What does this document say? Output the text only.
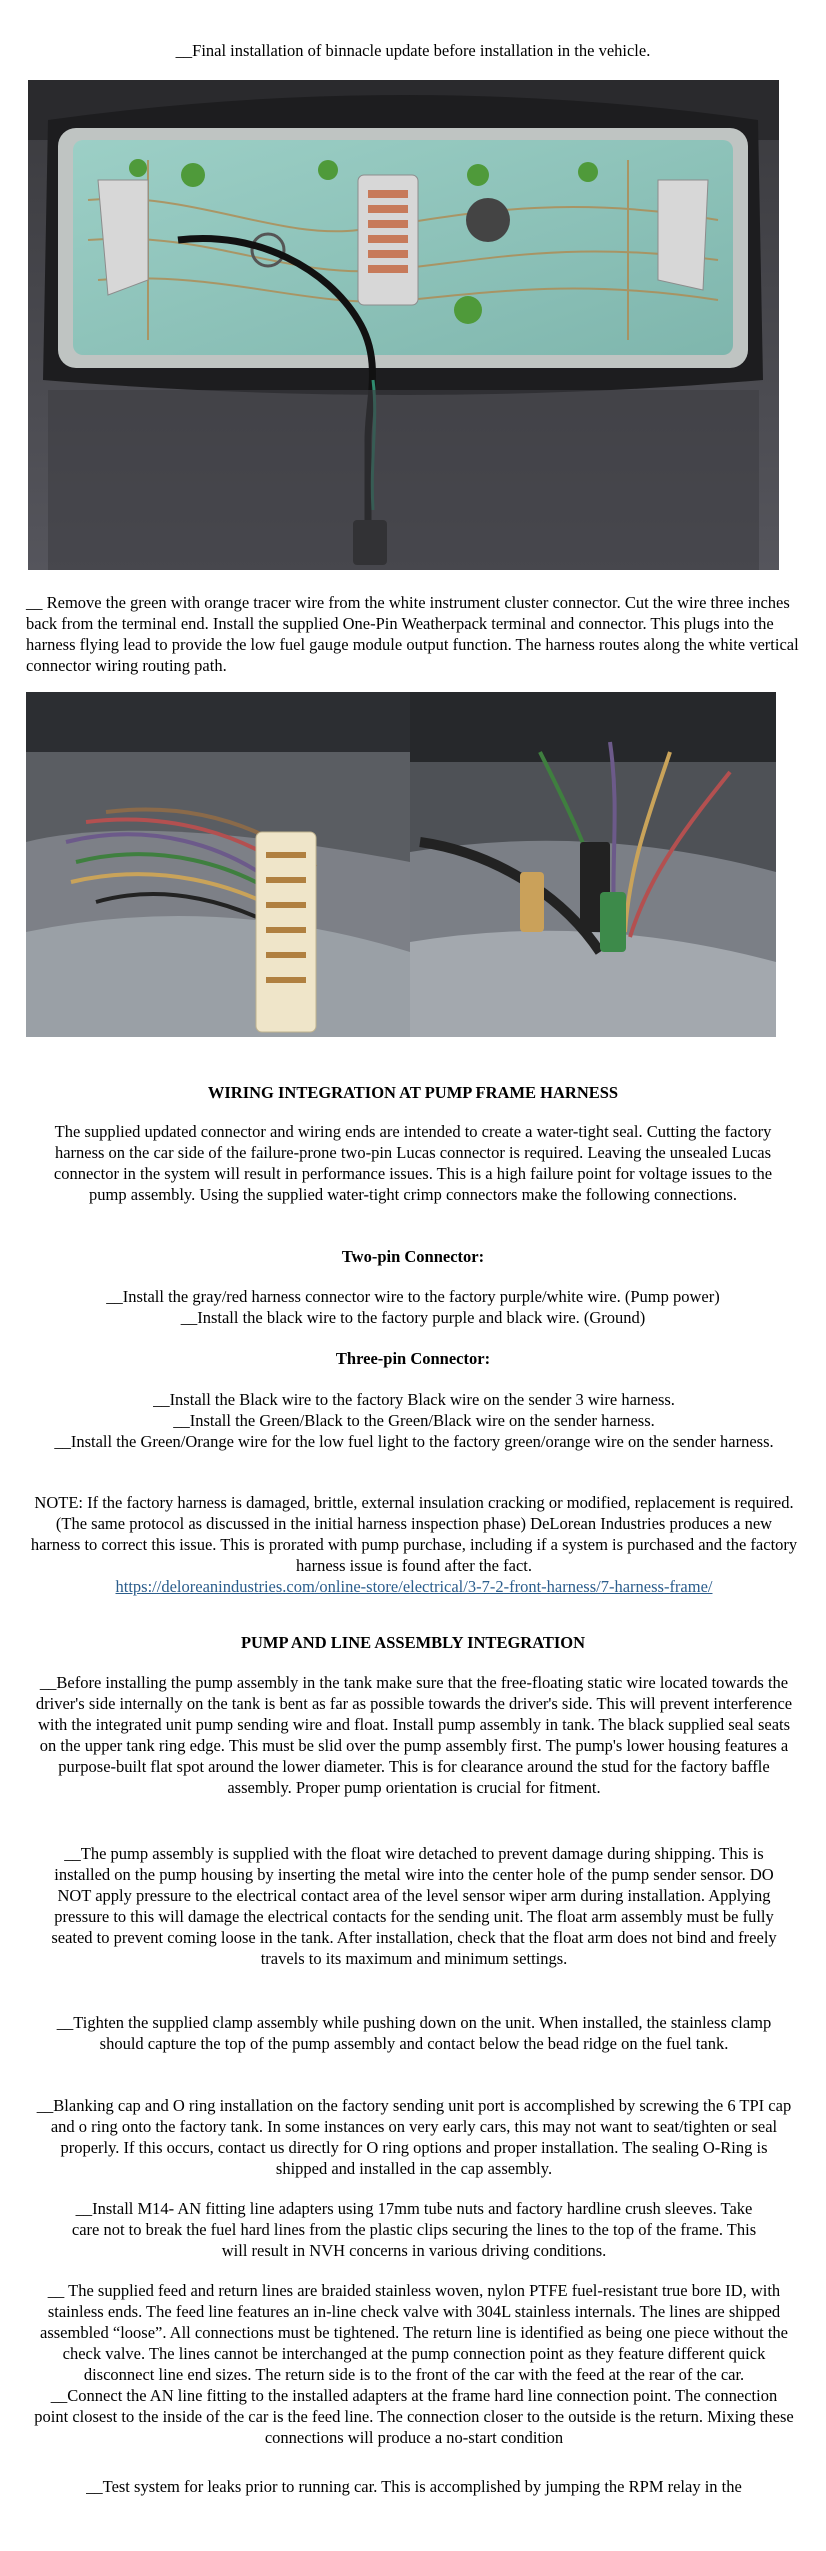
__Final installation of binnacle update before installation in the vehicle.

__ Remove the green with orange tracer wire from the white instrument cluster connector. Cut the wire three inches back from the terminal end. Install the supplied One-Pin Weatherpack terminal and connector. This plugs into the harness flying lead to provide the low fuel gauge module output function. The harness routes along the white vertical connector wiring routing path.

WIRING INTEGRATION AT PUMP FRAME HARNESS

The supplied updated connector and wiring ends are intended to create a water-tight seal. Cutting the factory harness on the car side of the failure-prone two-pin Lucas connector is required. Leaving the unsealed Lucas connector in the system will result in performance issues. This is a high failure point for voltage issues to the pump assembly. Using the supplied water-tight crimp connectors make the following connections.

Two-pin Connector:

__Install the gray/red harness connector wire to the factory purple/white wire. (Pump power)

__Install the black wire to the factory purple and black wire. (Ground)

Three-pin Connector:

__Install the Black wire to the factory Black wire on the sender 3 wire harness.

__Install the Green/Black to the Green/Black wire on the sender harness.

__Install the Green/Orange wire for the low fuel light to the factory green/orange wire on the sender harness.

NOTE: If the factory harness is damaged, brittle, external insulation cracking or modified, replacement is required. (The same protocol as discussed in the initial harness inspection phase) DeLorean Industries produces a new harness to correct this issue. This is prorated with pump purchase, including if a system is purchased and the factory harness issue is found after the fact.

https://deloreanindustries.com/online-store/electrical/3-7-2-front-harness/7-harness-frame/

PUMP AND LINE ASSEMBLY INTEGRATION

__Before installing the pump assembly in the tank make sure that the free-floating static wire located towards the driver's side internally on the tank is bent as far as possible towards the driver's side. This will prevent interference with the integrated unit pump sending wire and float. Install pump assembly in tank. The black supplied seal seats on the upper tank ring edge. This must be slid over the pump assembly first. The pump's lower housing features a purpose-built flat spot around the lower diameter. This is for clearance around the stud for the factory baffle assembly. Proper pump orientation is crucial for fitment.

__The pump assembly is supplied with the float wire detached to prevent damage during shipping. This is installed on the pump housing by inserting the metal wire into the center hole of the pump sender sensor. DO NOT apply pressure to the electrical contact area of the level sensor wiper arm during installation. Applying pressure to this will damage the electrical contacts for the sending unit. The float arm assembly must be fully seated to prevent coming loose in the tank. After installation, check that the float arm does not bind and freely travels to its maximum and minimum settings.

__Tighten the supplied clamp assembly while pushing down on the unit. When installed, the stainless clamp should capture the top of the pump assembly and contact below the bead ridge on the fuel tank.

__Blanking cap and O ring installation on the factory sending unit port is accomplished by screwing the 6 TPI cap and o ring onto the factory tank. In some instances on very early cars, this may not want to seat/tighten or seal properly. If this occurs, contact us directly for O ring options and proper installation. The sealing O-Ring is shipped and installed in the cap assembly.

__Install M14- AN fitting line adapters using 17mm tube nuts and factory hardline crush sleeves. Take care not to break the fuel hard lines from the plastic clips securing the lines to the top of the frame. This will result in NVH concerns in various driving conditions.

__ The supplied feed and return lines are braided stainless woven, nylon PTFE fuel-resistant true bore ID, with stainless ends. The feed line features an in-line check valve with 304L stainless internals. The lines are shipped assembled “loose”. All connections must be tightened. The return line is identified as being one piece without the check valve. The lines cannot be interchanged at the pump connection point as they feature different quick disconnect line end sizes. The return side is to the front of the car with the feed at the rear of the car.

__Connect the AN line fitting to the installed adapters at the frame hard line connection point. The connection point closest to the inside of the car is the feed line. The connection closer to the outside is the return. Mixing these connections will produce a no-start condition

__Test system for leaks prior to running car. This is accomplished by jumping the RPM relay in the
